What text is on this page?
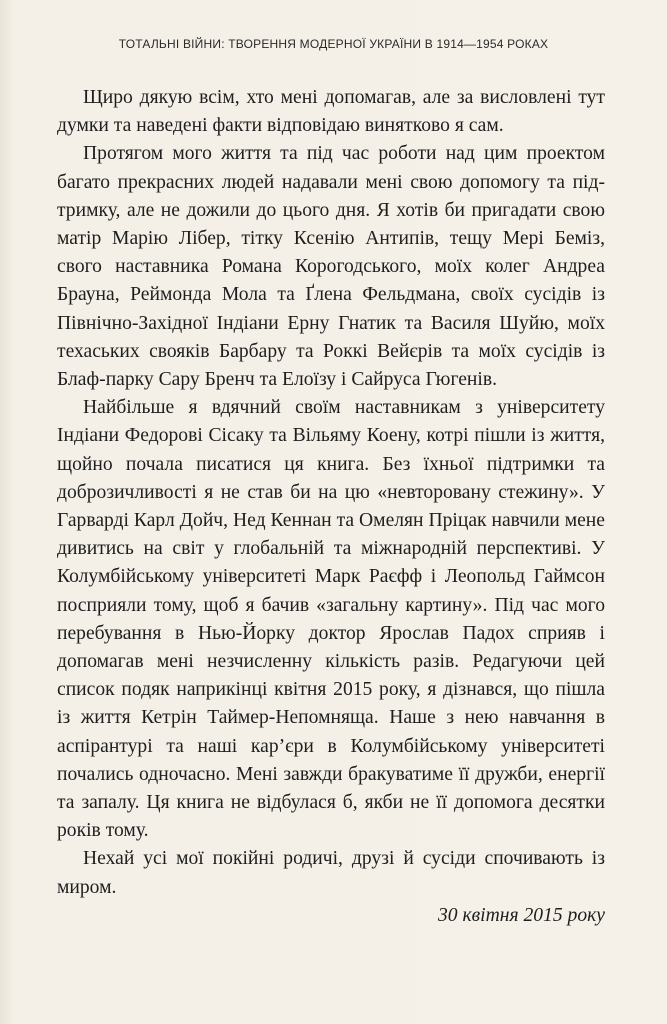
ТОТАЛЬНІ ВІЙНИ: ТВОРЕННЯ МОДЕРНОЇ УКРАЇНИ В 1914—1954 РОКАХ

Щиро дякую всім, хто мені допомагав, але за висловлені тут думки та наведені факти відповідаю винятково я сам.

Протягом мого життя та під час роботи над цим проектом багато прекрасних людей надавали мені свою допомогу та підтримку, але не дожили до цього дня. Я хотів би пригадати свою матір Марію Лібер, тітку Ксенію Антипів, тещу Мері Беміз, свого наставника Романа Корогодського, моїх колег Андреа Брауна, Реймонда Мола та Ґлена Фельдмана, своїх сусідів із Північно-Західної Індіани Ерну Гнатик та Василя Шуйю, моїх техаських свояків Барбару та Роккі Вейєрів та моїх сусідів із Блаф-парку Сару Бренч та Елоїзу і Сайруса Гюгенів.

Найбільше я вдячний своїм наставникам з університету Індіани Федорові Сісаку та Вільяму Коену, котрі пішли із життя, щойно почала писатися ця книга. Без їхньої підтримки та доброзичливості я не став би на цю «невторовану стежину». У Гарварді Карл Дойч, Нед Кеннан та Омелян Пріцак навчили мене дивитись на світ у глобальній та міжнародній перспективі. У Колумбійському університеті Марк Раєфф і Леопольд Гаймсон посприяли тому, щоб я бачив «загальну картину». Під час мого перебування в Нью-Йорку доктор Ярослав Падох сприяв і допомагав мені незчисленну кількість разів. Редагуючи цей список подяк наприкінці квітня 2015 року, я дізнався, що пішла із життя Кетрін Таймер-Непомняща. Наше з нею навчання в аспірантурі та наші кар’єри в Колумбійському університеті почались одночасно. Мені завжди бракуватиме її дружби, енергії та запалу. Ця книга не відбулася б, якби не її допомога десятки років тому.

Нехай усі мої покійні родичі, друзі й сусіди спочивають із миром.

30 квітня 2015 року
